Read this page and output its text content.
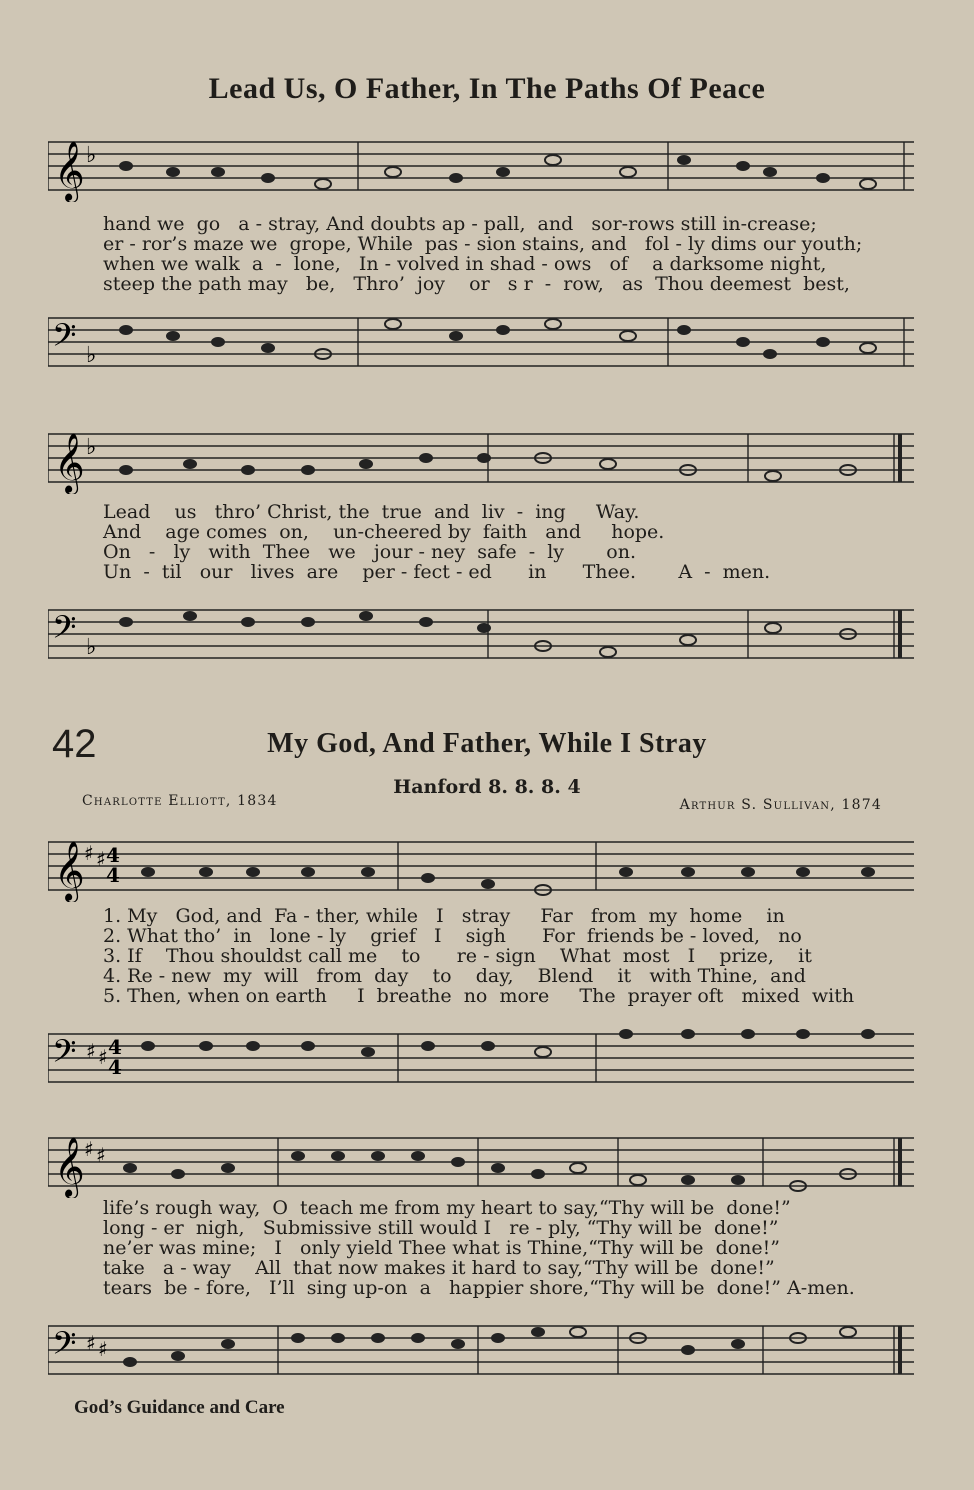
Lead Us, O Father, In The Paths Of Peace
𝄞 ♭
hand we  go   a - stray, And doubts ap - pall,  and   sor-rows still in-crease;
er - ror’s maze we  grope, While  pas - sion stains, and   fol - ly dims our youth;
when we walk  a  -  lone,   In - volved in shad - ows   of    a darksome night,
steep the path may   be,   Thro’  joy    or   s r  -  row,   as  Thou deemest  best,
𝄢 ♭
𝄞 ♭
Lead    us   thro’ Christ, the  true  and  liv  -  ing     Way.
And    age comes  on,    un-cheered by  faith   and     hope.
On   -   ly   with  Thee   we   jour - ney  safe  -  ly       on.
Un  -  til   our   lives  are    per - fect - ed      in      Thee.       A  -  men.
𝄢 ♭
42	My God, And Father, While I Stray
Hanford 8. 8. 8. 4
Charlotte Elliott, 1834	Arthur S. Sullivan, 1874
𝄞 ♯ ♯ 4
4
1. My   God, and  Fa - ther, while   I   stray     Far   from  my  home    in
2. What tho’  in   lone - ly    grief   I    sigh      For  friends be - loved,   no
3. If    Thou shouldst call me    to      re - sign    What  most   I    prize,    it
4. Re - new  my  will   from  day    to    day,    Blend    it   with Thine,  and
5. Then, when on earth     I  breathe  no  more     The  prayer oft   mixed  with
𝄢 ♯ ♯ 4
4
𝄞 ♯ ♯
life’s rough way,  O  teach me from my heart to say,“Thy will be  done!”
long - er  nigh,   Submissive still would I   re - ply, “Thy will be  done!”
ne’er was mine;   I   only yield Thee what is Thine,“Thy will be  done!”
take   a - way    All  that now makes it hard to say,“Thy will be  done!”
tears  be - fore,   I’ll  sing up-on  a   happier shore,“Thy will be  done!” A-men.
𝄢 ♯ ♯
God’s Guidance and Care
